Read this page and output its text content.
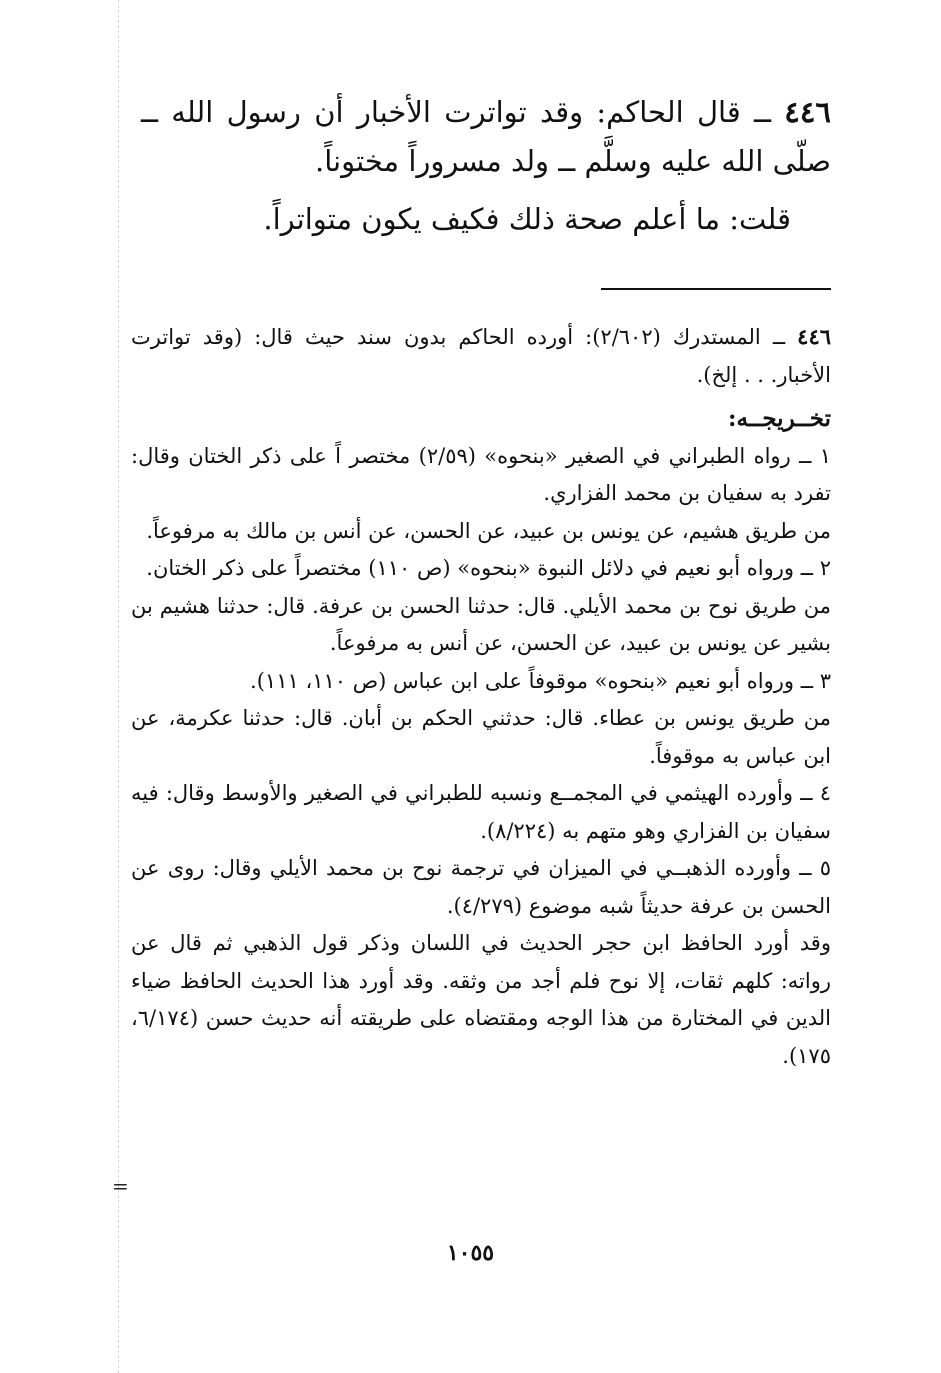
٤٤٦ ــ قال الحاكم: وقد تواترت الأخبار أن رسول الله ــ صلّى الله عليه وسلَّم ــ ولد مسروراً مختوناً.

قلت: ما أعلم صحة ذلك فكيف يكون متواتراً.

٤٤٦ ــ المستدرك (٢/٦٠٢): أورده الحاكم بدون سند حيث قال: (وقد تواترت الأخبار. . . إلخ).

تخــريجــه:

١ ــ رواه الطبراني في الصغير «بنحوه» (٢/٥٩) مختصر اً على ذكر الختان وقال: تفرد به سفيان بن محمد الفزاري.

من طريق هشيم، عن يونس بن عبيد، عن الحسن، عن أنس بن مالك به مرفوعاً.

٢ ــ ورواه أبو نعيم في دلائل النبوة «بنحوه» (ص ١١٠) مختصراً على ذكر الختان.

من طريق نوح بن محمد الأيلي. قال: حدثنا الحسن بن عرفة. قال: حدثنا هشيم بن بشير عن يونس بن عبيد، عن الحسن، عن أنس به مرفوعاً.

٣ ــ ورواه أبو نعيم «بنحوه» موقوفاً على ابن عباس (ص ١١٠، ١١١).

من طريق يونس بن عطاء. قال: حدثني الحكم بن أبان. قال: حدثنا عكرمة، عن ابن عباس به موقوفاً.

٤ ــ وأورده الهيثمي في المجمــع ونسبه للطبراني في الصغير والأوسط وقال: فيه سفيان بن الفزاري وهو متهم به (٨/٢٢٤).

٥ ــ وأورده الذهبــي في الميزان في ترجمة نوح بن محمد الأيلي وقال: روى عن الحسن بن عرفة حديثاً شبه موضوع (٤/٢٧٩).

وقد أورد الحافظ ابن حجر الحديث في اللسان وذكر قول الذهبي ثم قال عن رواته: كلهم ثقات، إلا نوح فلم أجد من وثقه. وقد أورد هذا الحديث الحافظ ضياء الدين في المختارة من هذا الوجه ومقتضاه على طريقته أنه حديث حسن (٦/١٧٤، ١٧٥).

١٠٥٥
=
